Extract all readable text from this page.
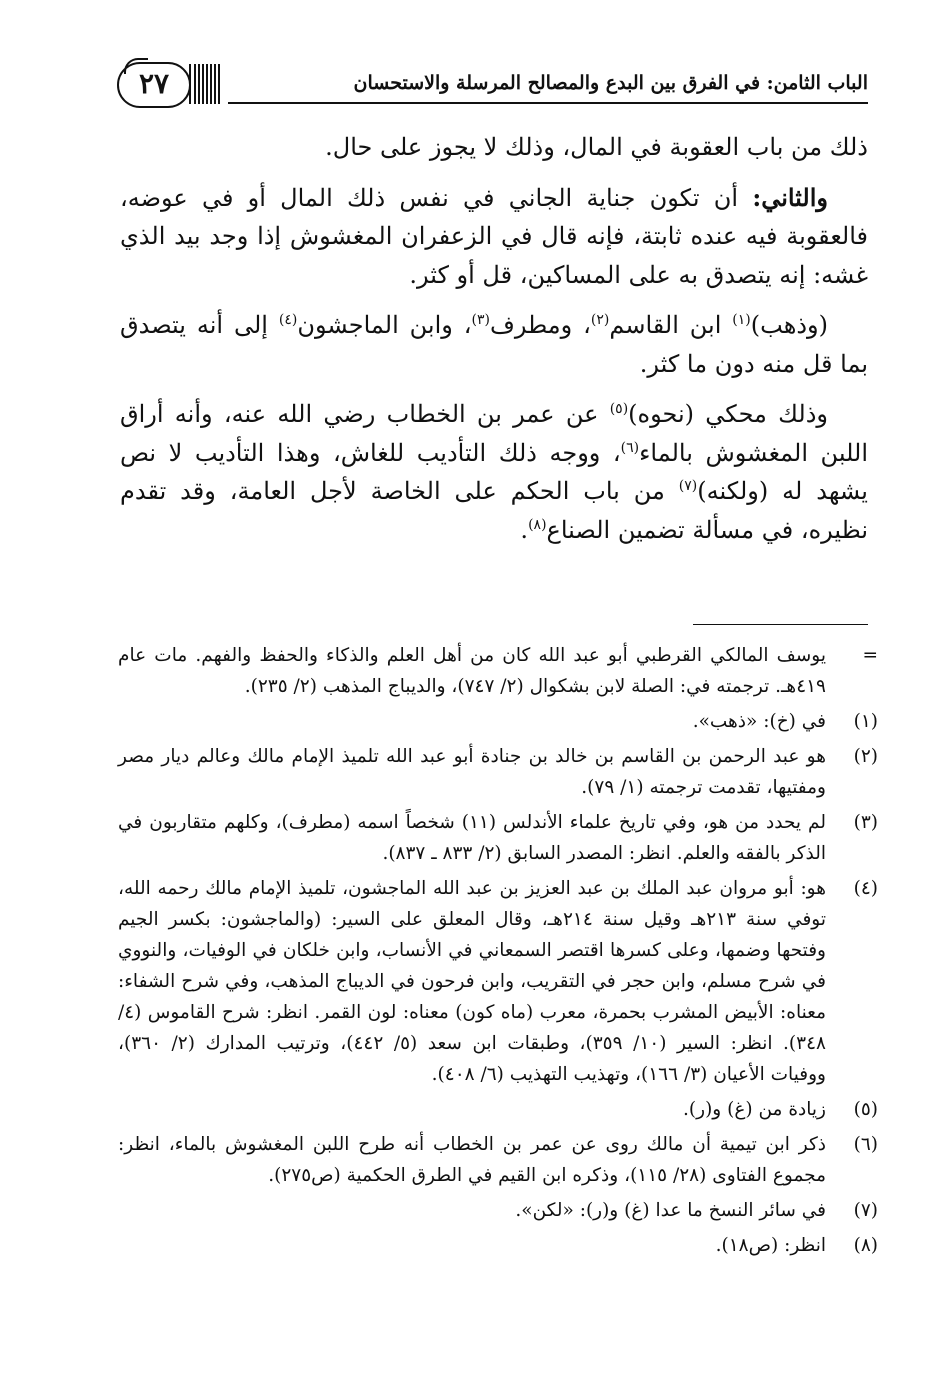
الباب الثامن: في الفرق بين البدع والمصالح المرسلة والاستحسان
٢٧

ذلك من باب العقوبة في المال، وذلك لا يجوز على حال.

والثاني: أن تكون جناية الجاني في نفس ذلك المال أو في عوضه، فالعقوبة فيه عنده ثابتة، فإنه قال في الزعفران المغشوش إذا وجد بيد الذي غشه: إنه يتصدق به على المساكين، قل أو كثر.

(وذهب)$^{(١)}$ ابن القاسم$^{(٢)}$، ومطرف$^{(٣)}$، وابن الماجشون$^{(٤)}$ إلى أنه يتصدق بما قل منه دون ما كثر.

وذلك محكي (نحوه)$^{(٥)}$ عن عمر بن الخطاب رضي الله عنه، وأنه أراق اللبن المغشوش بالماء$^{(٦)}$، ووجه ذلك التأديب للغاش، وهذا التأديب لا نص يشهد له (ولكنه)$^{(٧)}$ من باب الحكم على الخاصة لأجل العامة، وقد تقدم نظيره، في مسألة تضمين الصناع$^{(٨)}$.

=
يوسف المالكي القرطبي أبو عبد الله كان من أهل العلم والذكاء والحفظ والفهم. مات عام ٤١٩هـ. ترجمته في: الصلة لابن بشكوال (٢/ ٧٤٧)، والديباج المذهب (٢/ ٢٣٥).
(١)
في (خ): «ذهب».
(٢)
هو عبد الرحمن بن القاسم بن خالد بن جنادة أبو عبد الله تلميذ الإمام مالك وعالم ديار مصر ومفتيها، تقدمت ترجمته (١/ ٧٩).
(٣)
لم يحدد من هو، وفي تاريخ علماء الأندلس (١١) شخصاً اسمه (مطرف)، وكلهم متقاربون في الذكر بالفقه والعلم. انظر: المصدر السابق (٢/ ٨٣٣ ـ ٨٣٧).
(٤)
هو: أبو مروان عبد الملك بن عبد العزيز بن عبد الله الماجشون، تلميذ الإمام مالك رحمه الله، توفي سنة ٢١٣هـ وقيل سنة ٢١٤هـ، وقال المعلق على السير: (والماجشون: بكسر الجيم وفتحها وضمها، وعلى كسرها اقتصر السمعاني في الأنساب، وابن خلكان في الوفيات، والنووي في شرح مسلم، وابن حجر في التقريب، وابن فرحون في الديباج المذهب، وفي شرح الشفاء: معناه: الأبيض المشرب بحمرة، معرب (ماه كون) معناه: لون القمر. انظر: شرح القاموس (٤/ ٣٤٨). انظر: السير (١٠/ ٣٥٩)، وطبقات ابن سعد (٥/ ٤٤٢)، وترتيب المدارك (٢/ ٣٦٠)، ووفيات الأعيان (٣/ ١٦٦)، وتهذيب التهذيب (٦/ ٤٠٨).
(٥)
زيادة من (غ) و(ر).
(٦)
ذكر ابن تيمية أن مالك روى عن عمر بن الخطاب أنه طرح اللبن المغشوش بالماء، انظر: مجموع الفتاوى (٢٨/ ١١٥)، وذكره ابن القيم في الطرق الحكمية (ص٢٧٥).
(٧)
في سائر النسخ ما عدا (غ) و(ر): «لكن».
(٨)
انظر: (ص١٨).
